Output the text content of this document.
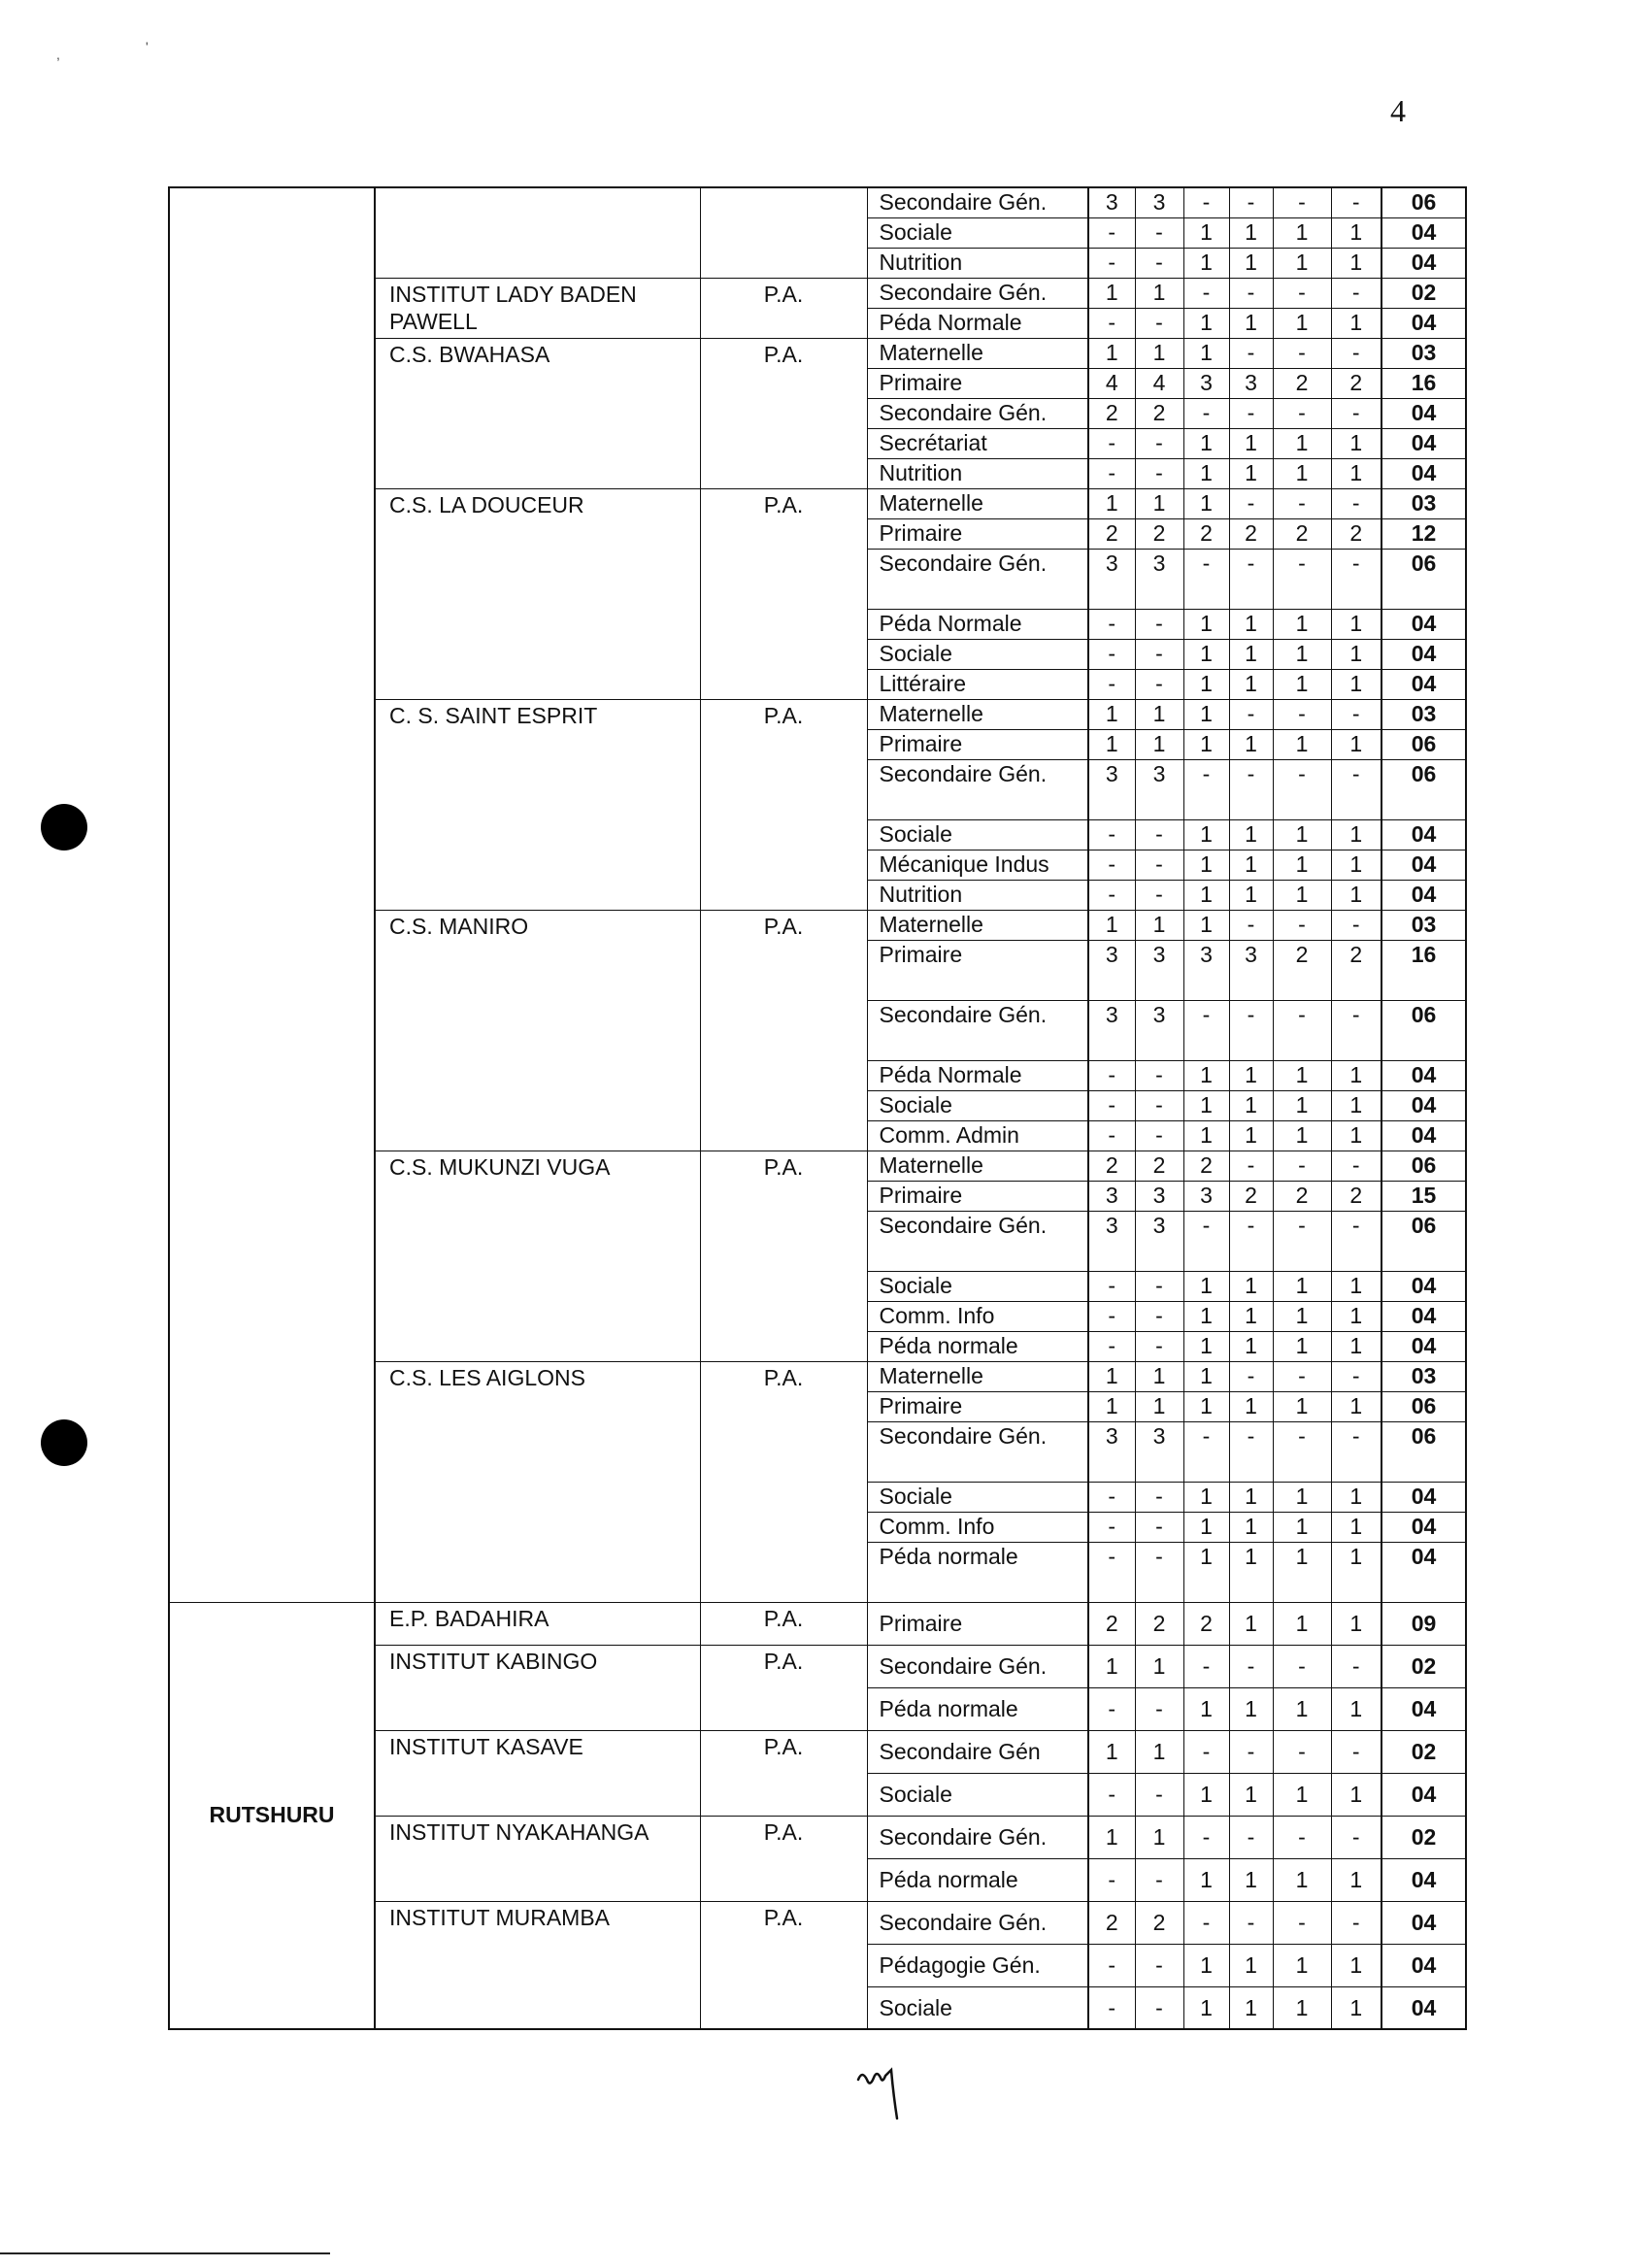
,	'
4
			Secondaire Gén.	3	3	-	-	-	-	06
			Sociale	-	-	1	1	1	1	04
			Nutrition	-	-	1	1	1	1	04
	INSTITUT LADY BADEN PAWELL	P.A.	Secondaire Gén.	1	1	-	-	-	-	02
			Péda Normale	-	-	1	1	1	1	04
	C.S. BWAHASA	P.A.	Maternelle	1	1	1	-	-	-	03
			Primaire	4	4	3	3	2	2	16
			Secondaire Gén.	2	2	-	-	-	-	04
			Secrétariat	-	-	1	1	1	1	04
			Nutrition	-	-	1	1	1	1	04
	C.S. LA DOUCEUR	P.A.	Maternelle	1	1	1	-	-	-	03
			Primaire	2	2	2	2	2	2	12
			Secondaire Gén.	3	3	-	-	-	-	06
			Péda Normale	-	-	1	1	1	1	04
			Sociale	-	-	1	1	1	1	04
			Littéraire	-	-	1	1	1	1	04
	C. S. SAINT ESPRIT	P.A.	Maternelle	1	1	1	-	-	-	03
			Primaire	1	1	1	1	1	1	06
			Secondaire Gén.	3	3	-	-	-	-	06
			Sociale	-	-	1	1	1	1	04
			Mécanique Indus	-	-	1	1	1	1	04
			Nutrition	-	-	1	1	1	1	04
	C.S. MANIRO	P.A.	Maternelle	1	1	1	-	-	-	03
			Primaire	3	3	3	3	2	2	16
			Secondaire Gén.	3	3	-	-	-	-	06
			Péda Normale	-	-	1	1	1	1	04
			Sociale	-	-	1	1	1	1	04
			Comm. Admin	-	-	1	1	1	1	04
	C.S. MUKUNZI VUGA	P.A.	Maternelle	2	2	2	-	-	-	06
			Primaire	3	3	3	2	2	2	15
			Secondaire Gén.	3	3	-	-	-	-	06
			Sociale	-	-	1	1	1	1	04
			Comm. Info	-	-	1	1	1	1	04
			Péda normale	-	-	1	1	1	1	04
	C.S. LES AIGLONS	P.A.	Maternelle	1	1	1	-	-	-	03
			Primaire	1	1	1	1	1	1	06
			Secondaire Gén.	3	3	-	-	-	-	06
			Sociale	-	-	1	1	1	1	04
			Comm. Info	-	-	1	1	1	1	04
			Péda normale	-	-	1	1	1	1	04
RUTSHURU	E.P. BADAHIRA	P.A.	Primaire	2	2	2	1	1	1	09
	INSTITUT KABINGO	P.A.	Secondaire Gén.	1	1	-	-	-	-	02
			Péda normale	-	-	1	1	1	1	04
	INSTITUT KASAVE	P.A.	Secondaire Gén	1	1	-	-	-	-	02
			Sociale	-	-	1	1	1	1	04
	INSTITUT NYAKAHANGA	P.A.	Secondaire Gén.	1	1	-	-	-	-	02
			Péda normale	-	-	1	1	1	1	04
	INSTITUT MURAMBA	P.A.	Secondaire Gén.	2	2	-	-	-	-	04
			Pédagogie Gén.	-	-	1	1	1	1	04
			Sociale	-	-	1	1	1	1	04
